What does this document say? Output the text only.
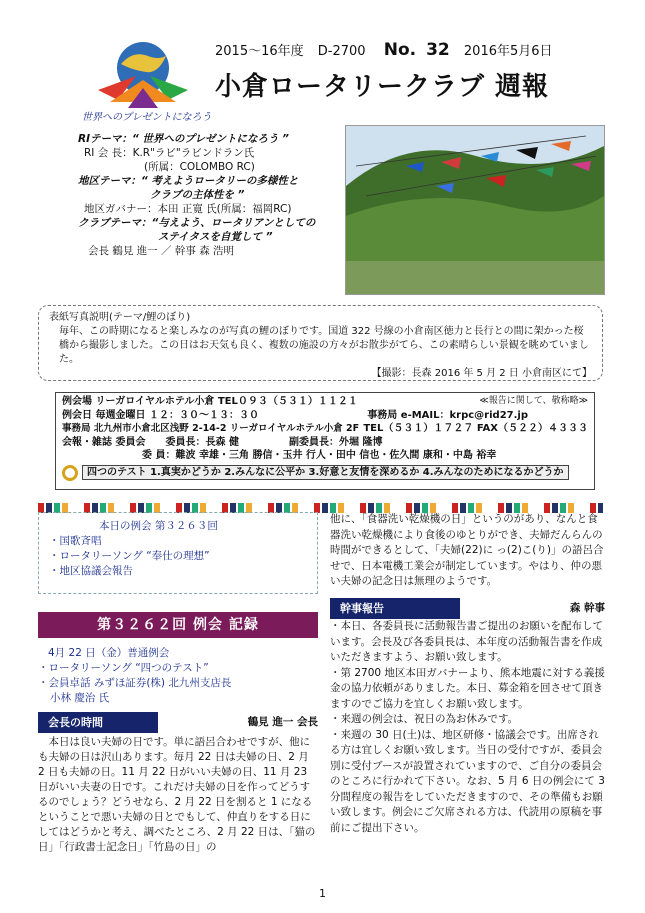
世界へのプレゼントになろう
2015〜16年度 D-2700 No. 32 2016年5月6日
小倉ロータリークラブ 週報
RIテーマ： “ 世界へのプレゼントになろう ”
RI 会 長： K.R"ラビ"ラビンドラン氏
(所属：COLOMBO RC)
地区テーマ： “ 考えようロータリーの多様性と
クラブの主体性を ”
地区ガバナー： 本田 正寛 氏(所属：福岡RC)
クラブテーマ： “与えよう、ロータリアンとしての
ステイタスを自覚して ”
会長 鶴見 進一 ／ 幹事 森 浩明
表紙写真説明(テーマ/鯉のぼり)
毎年、この時期になると楽しみなのが写真の鯉のぼりです。国道 322 号線の小倉南区徳力と長行との間に架かった桜橋から撮影しました。この日はお天気も良く、複数の施設の方々がお散歩がてら、この素晴らしい景観を眺めていました。
【撮影：長森 2016 年 5 月 2 日 小倉南区にて】
例会場 リーガロイヤルホテル小倉 TEL０９３（５３１）１１２１	≪報告に関して、敬称略≫
例会日 毎週金曜日 １２：３０〜１３：３０	事務局 e-MAIL：krpc@rid27.jp
事務局 北九州市小倉北区浅野 2-14-2 リーガロイヤルホテル小倉 2F TEL（５３１）１７２７ FAX（５２２）４３３３
会報・雑誌 委員会　　委員長：長森 健　　　　　副委員長：外堀 隆博
委 員：難波 幸雄・三角 勝信・玉井 行人・田中 信也・佐久間 康和・中島 裕幸
四つのテスト 1.真実かどうか 2.みんなに公平か 3.好意と友情を深めるか 4.みんなのためになるかどうか
本日の例会 第３２６３回
・国歌斉唱
・ロータリーソング “奉仕の理想”
・地区協議会報告
第３２６２回 例会 記録
4月 22 日（金）普通例会
・ロータリーソング “四つのテスト”
・会員卓話 みずほ証券(株) 北九州支店長
小林 慶治 氏
会長の時間	鶴見 進一 会長
本日は良い夫婦の日です。単に語呂合わせですが、他にも夫婦の日は沢山あります。毎月 22 日は夫婦の日、2 月 2 日も夫婦の日。11 月 22 日がいい夫婦の日、11 月 23 日がいい夫妻の日です。これだけ夫婦の日を作ってどうするのでしょう？どうせなら、2 月 22 日を割ると 1 になるということで悪い夫婦の日とでもして、仲直りをする日にしてはどうかと考え、調べたところ、2 月 22 日は、「猫の日」「行政書士記念日」「竹島の日」の
他に、「食器洗い乾燥機の日」というのがあり、なんと食器洗い乾燥機により食後のゆとりができ、夫婦だんらんの時間ができるとして、「夫婦(22)に っ(2)こ(り)」の語呂合せで、日本電機工業会が制定しています。やはり、仲の悪い夫婦の記念日は無理のようです。
幹事報告	森 幹事
・本日、各委員長に活動報告書ご提出のお願いを配布しています。会長及び各委員長は、本年度の活動報告書を作成いただきますよう、お願い致します。
・第 2700 地区本田ガバナーより、熊本地震に対する義援金の協力依頼がありました。本日、募金箱を回させて頂きますのでご協力を宜しくお願い致します。
・来週の例会は、祝日の為お休みです。
・来週の 30 日(土)は、地区研修・協議会です。出席される方は宜しくお願い致します。当日の受付ですが、委員会別に受付ブースが設置されていますので、ご自分の委員会のところに行かれて下さい。なお、5 月 6 日の例会にて 3 分間程度の報告をしていただきますので、その準備もお願い致します。例会にご欠席される方は、代読用の原稿を事前にご提出下さい。
1
